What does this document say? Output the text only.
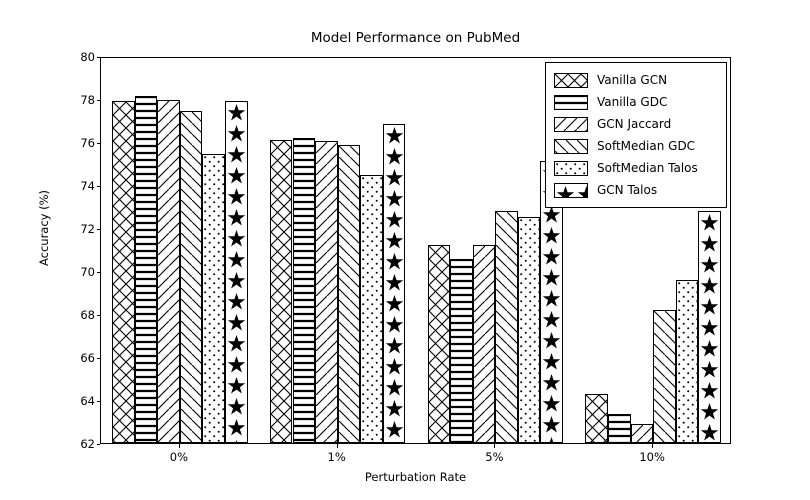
Model Performance on PubMed
Accuracy (%)
Perturbation Rate
62
64
66
68
70
72
74
76
78
80
0%	1%	5%	10%
Vanilla GCN
Vanilla GDC
GCN Jaccard
SoftMedian GDC
SoftMedian Talos
GCN Talos
